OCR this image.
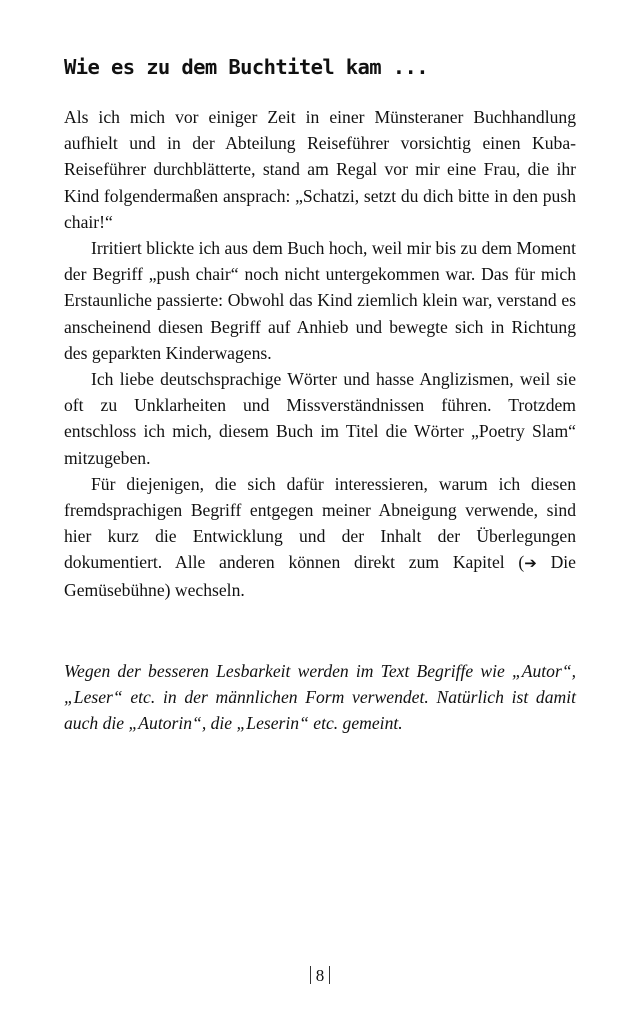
Wie es zu dem Buchtitel kam ...

Als ich mich vor einiger Zeit in einer Münsteraner Buchhandlung aufhielt und in der Abteilung Reiseführer vorsichtig einen Kuba-Reiseführer durchblätterte, stand am Regal vor mir eine Frau, die ihr Kind folgendermaßen ansprach: „Schatzi, setzt du dich bitte in den push chair!“

Irritiert blickte ich aus dem Buch hoch, weil mir bis zu dem Moment der Begriff „push chair“ noch nicht untergekommen war. Das für mich Erstaunliche passierte: Obwohl das Kind ziemlich klein war, verstand es anscheinend diesen Begriff auf Anhieb und bewegte sich in Richtung des geparkten Kinderwagens.

Ich liebe deutschsprachige Wörter und hasse Anglizismen, weil sie oft zu Unklarheiten und Missverständnissen führen. Trotzdem entschloss ich mich, diesem Buch im Titel die Wörter „Poetry Slam“ mitzugeben.

Für diejenigen, die sich dafür interessieren, warum ich diesen fremdsprachigen Begriff entgegen meiner Abneigung verwende, sind hier kurz die Entwicklung und der Inhalt der Überlegungen dokumentiert. Alle anderen können direkt zum Kapitel (➔ Die Gemüsebühne) wechseln.

Wegen der besseren Lesbarkeit werden im Text Begriffe wie „Autor“, „Leser“ etc. in der männlichen Form verwendet. Natürlich ist damit auch die „Autorin“, die „Leserin“ etc. gemeint.

8
